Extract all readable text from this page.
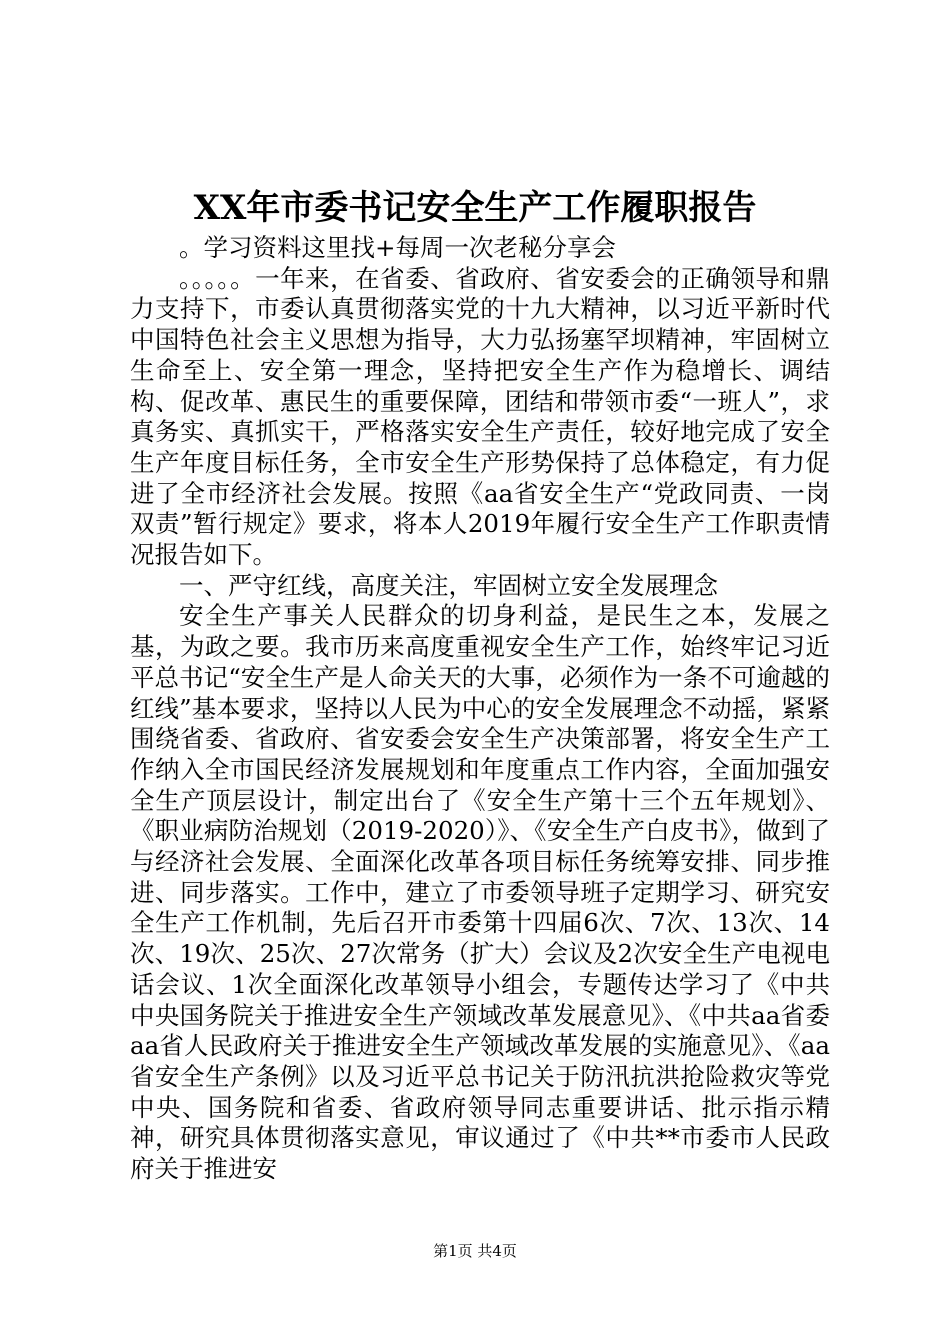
XX年市委书记安全生产工作履职报告

。学习资料这里找+每周一次老秘分享会

。。。。。一年来，在省委、省政府、省安委会的正确领导和鼎力支持下，市委认真贯彻落实党的十九大精神，以习近平新时代中国特色社会主义思想为指导，大力弘扬塞罕坝精神，牢固树立生命至上、安全第一理念，坚持把安全生产作为稳增长、调结构、促改革、惠民生的重要保障，团结和带领市委“一班人”，求真务实、真抓实干，严格落实安全生产责任，较好地完成了安全生产年度目标任务，全市安全生产形势保持了总体稳定，有力促进了全市经济社会发展。按照《aa省安全生产“党政同责、一岗双责”暂行规定》要求，将本人2019年履行安全生产工作职责情况报告如下。

一、严守红线，高度关注，牢固树立安全发展理念

安全生产事关人民群众的切身利益，是民生之本，发展之基，为政之要。我市历来高度重视安全生产工作，始终牢记习近平总书记“安全生产是人命关天的大事，必须作为一条不可逾越的红线”基本要求，坚持以人民为中心的安全发展理念不动摇，紧紧围绕省委、省政府、省安委会安全生产决策部署，将安全生产工作纳入全市国民经济发展规划和年度重点工作内容，全面加强安全生产顶层设计，制定出台了《安全生产第十三个五年规划》、《职业病防治规划（2019-2020）》、《安全生产白皮书》，做到了与经济社会发展、全面深化改革各项目标任务统筹安排、同步推进、同步落实。工作中，建立了市委领导班子定期学习、研究安全生产工作机制，先后召开市委第十四届6次、7次、13次、14次、19次、25次、27次常务（扩大）会议及2次安全生产电视电话会议、1次全面深化改革领导小组会，专题传达学习了《中共中央国务院关于推进安全生产领域改革发展意见》、《中共aa省委aa省人民政府关于推进安全生产领域改革发展的实施意见》、《aa省安全生产条例》以及习近平总书记关于防汛抗洪抢险救灾等党中央、国务院和省委、省政府领导同志重要讲话、批示指示精神，研究具体贯彻落实意见，审议通过了《中共**市委市人民政府关于推进安

第1页 共4页
